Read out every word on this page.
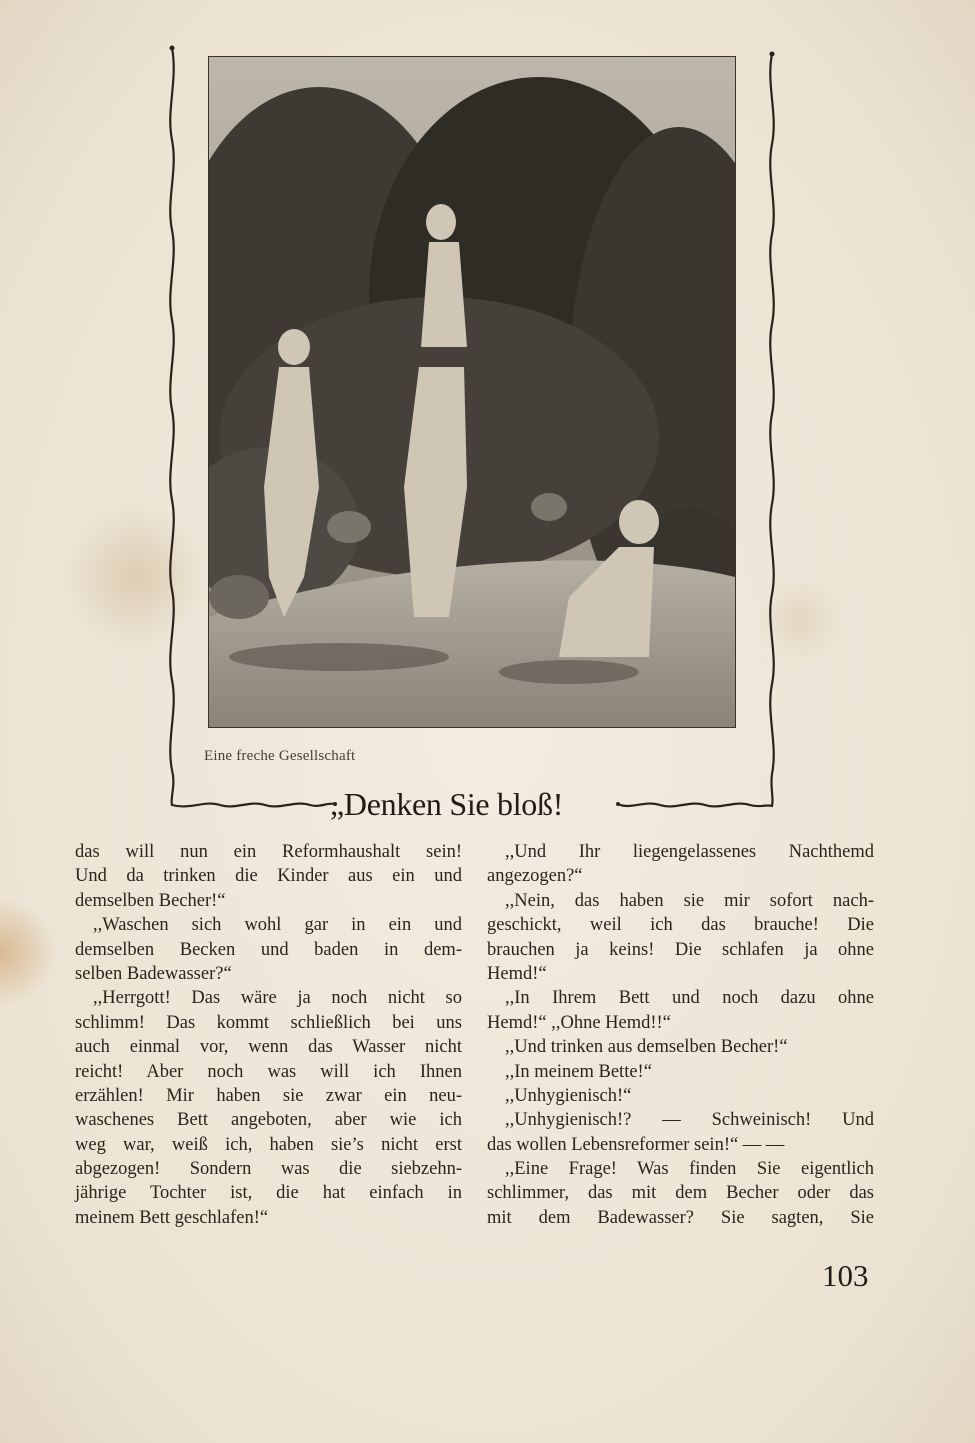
Eine freche Gesellschaft
„Denken Sie bloß!
das will nun ein Reformhaushalt sein!
Und da trinken die Kinder aus ein und
demselben Becher!“
,,Waschen sich wohl gar in ein und
demselben Becken und baden in dem-
selben Badewasser?“
,,Herrgott! Das wäre ja noch nicht so
schlimm! Das kommt schließlich bei uns
auch einmal vor, wenn das Wasser nicht
reicht! Aber noch was will ich Ihnen
erzählen! Mir haben sie zwar ein neu-
waschenes Bett angeboten, aber wie ich
weg war, weiß ich, haben sie’s nicht erst
abgezogen! Sondern was die siebzehn-
jährige Tochter ist, die hat einfach in
meinem Bett geschlafen!“
,,Und Ihr liegengelassenes Nachthemd
angezogen?“
,,Nein, das haben sie mir sofort nach-
geschickt, weil ich das brauche! Die
brauchen ja keins! Die schlafen ja ohne
Hemd!“
,,In Ihrem Bett und noch dazu ohne
Hemd!“ ,,Ohne Hemd!!“
,,Und trinken aus demselben Becher!“
,,In meinem Bette!“
,,Unhygienisch!“
,,Unhygienisch!? — Schweinisch! Und
das wollen Lebensreformer sein!“ — —
,,Eine Frage! Was finden Sie eigentlich
schlimmer, das mit dem Becher oder das
mit dem Badewasser? Sie sagten, Sie
103
